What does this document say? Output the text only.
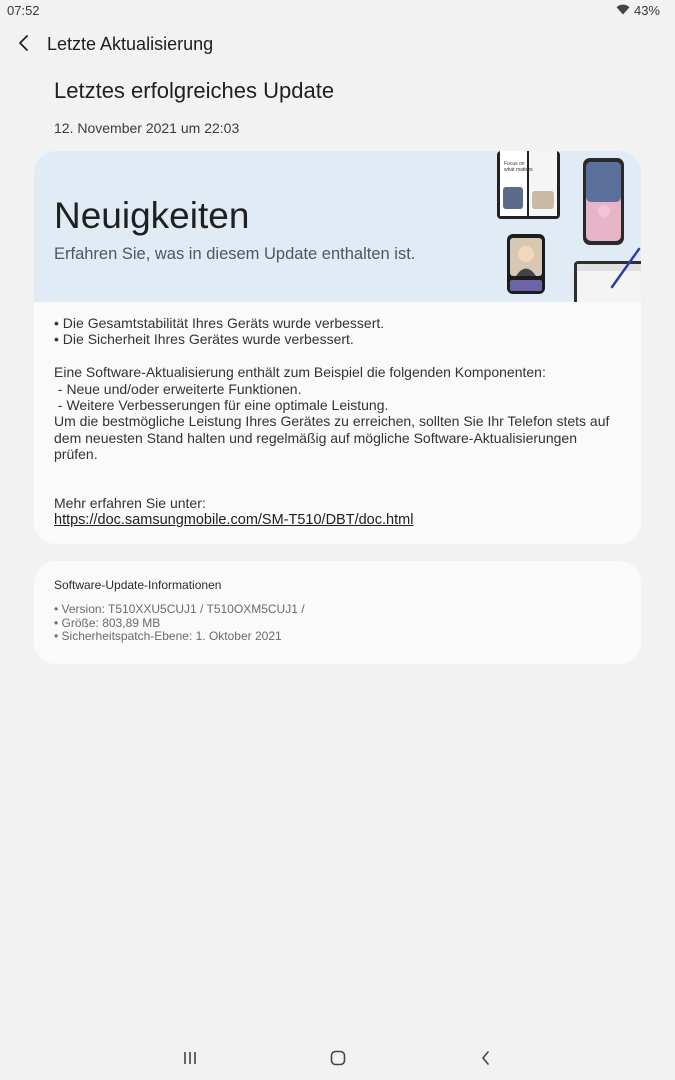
07:52	43%
Letzte Aktualisierung
Letztes erfolgreiches Update
12. November 2021 um 22:03
Neuigkeiten
Erfahren Sie, was in diesem Update enthalten ist.
Focus on
what matters

• Die Gesamtstabilität Ihres Geräts wurde verbessert.

• Die Sicherheit Ihres Gerätes wurde verbessert.

Eine Software-Aktualisierung enthält zum Beispiel die folgenden Komponenten:

- Neue und/oder erweiterte Funktionen.

- Weitere Verbesserungen für eine optimale Leistung.

Um die bestmögliche Leistung Ihres Gerätes zu erreichen, sollten Sie Ihr Telefon stets auf dem neuesten Stand halten und regelmäßig auf mögliche Software-Aktualisierungen prüfen.

Mehr erfahren Sie unter:

https://doc.samsungmobile.com/SM-T510/DBT/doc.html

Software-Update-Informationen
• Version: T510XXU5CUJ1 / T510OXM5CUJ1 /
• Größe: 803,89 MB
• Sicherheitspatch-Ebene: 1. Oktober 2021
